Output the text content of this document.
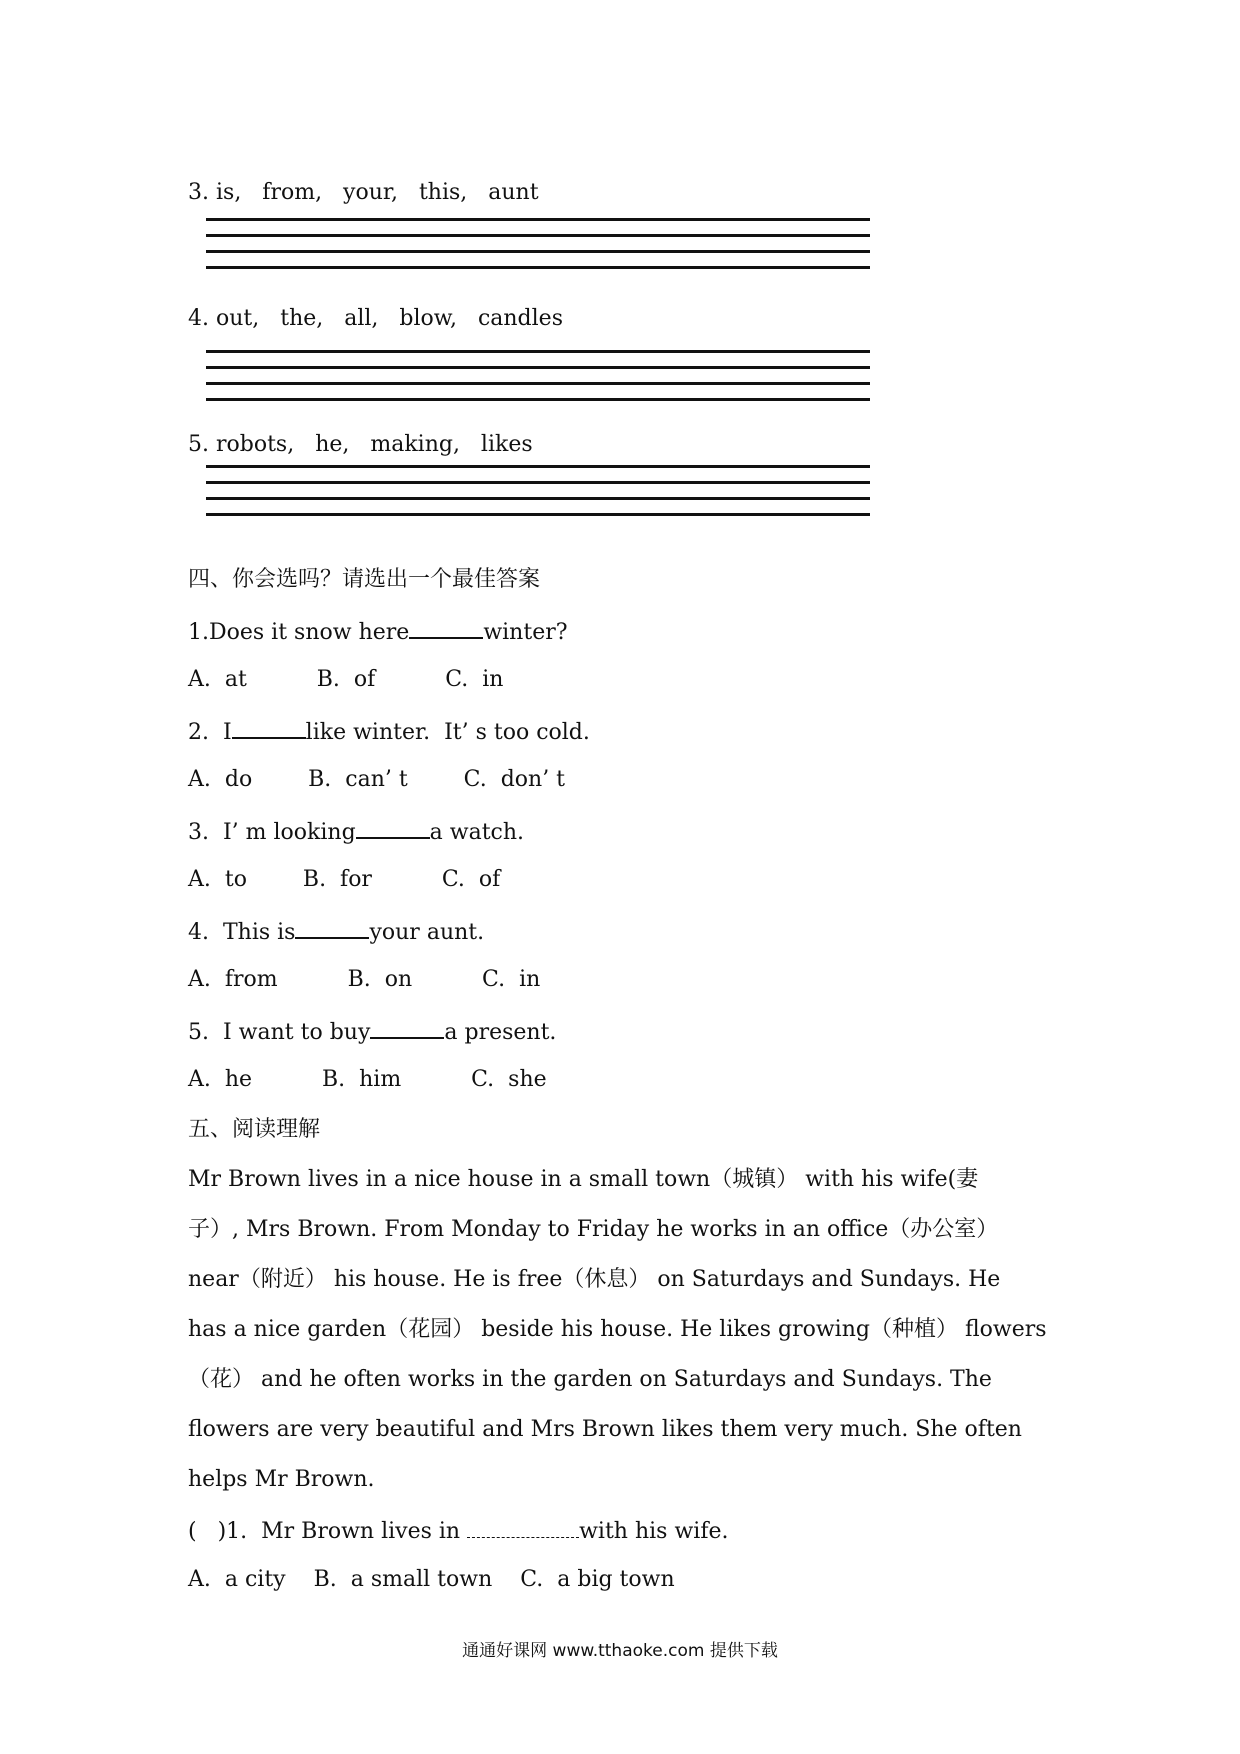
3. is,   from,   your,   this,   aunt
4. out,   the,   all,   blow,   candles
5. robots,   he,   making,   likes
四、你会选吗？请选出一个最佳答案
1.Does it snow here	winter?
A.  at          B.  of          C.  in
2.  I	like winter.  It’ s too cold.
A.  do        B.  can’ t        C.  don’ t
3.  I’ m looking	a watch.
A.  to        B.  for          C.  of
4.  This is	your aunt.
A.  from          B.  on          C.  in
5.  I want to buy	a present.
A.  he          B.  him          C.  she
五、阅读理解
Mr Brown lives in a nice house in a small town（城镇） with his wife(妻
子）, Mrs Brown. From Monday to Friday he works in an office（办公室）
near（附近） his house. He is free（休息） on Saturdays and Sundays. He
has a nice garden（花园） beside his house. He likes growing（种植） flowers
（花） and he often works in the garden on Saturdays and Sundays. The
flowers are very beautiful and Mrs Brown likes them very much. She often
helps Mr Brown.
(   )1.  Mr Brown lives in	with his wife.
A.  a city    B.  a small town    C.  a big town
通通好课网 www.tthaoke.com 提供下载
